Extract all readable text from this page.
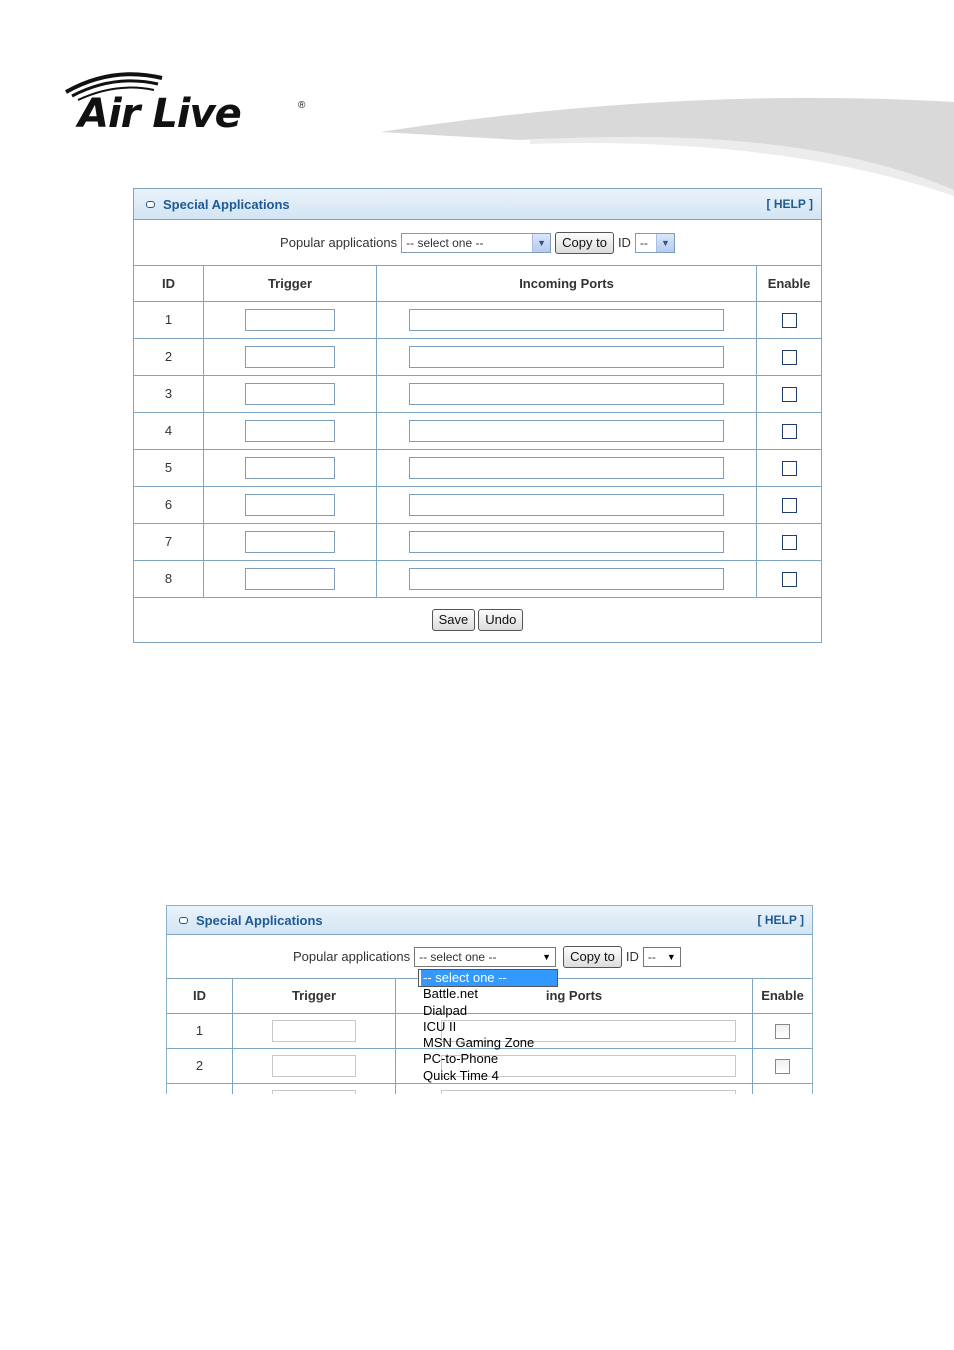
Air Live	®
Special Applications	[ HELP ]
Popular applications -- select one --	▼	Copy to ID --	▼
ID	Trigger	Incoming Ports	Enable
1			
2			
3			
4			
5			
6			
7			
8			
Save	Undo
Special Applications	[ HELP ]
Popular applications -- select one --	▼	Copy to ID --	▼
ID	Trigger	ing Ports	Enable
1			
2			

-- select one --
Battle.net
Dialpad
ICU II
MSN Gaming Zone
PC-to-Phone
Quick Time 4
